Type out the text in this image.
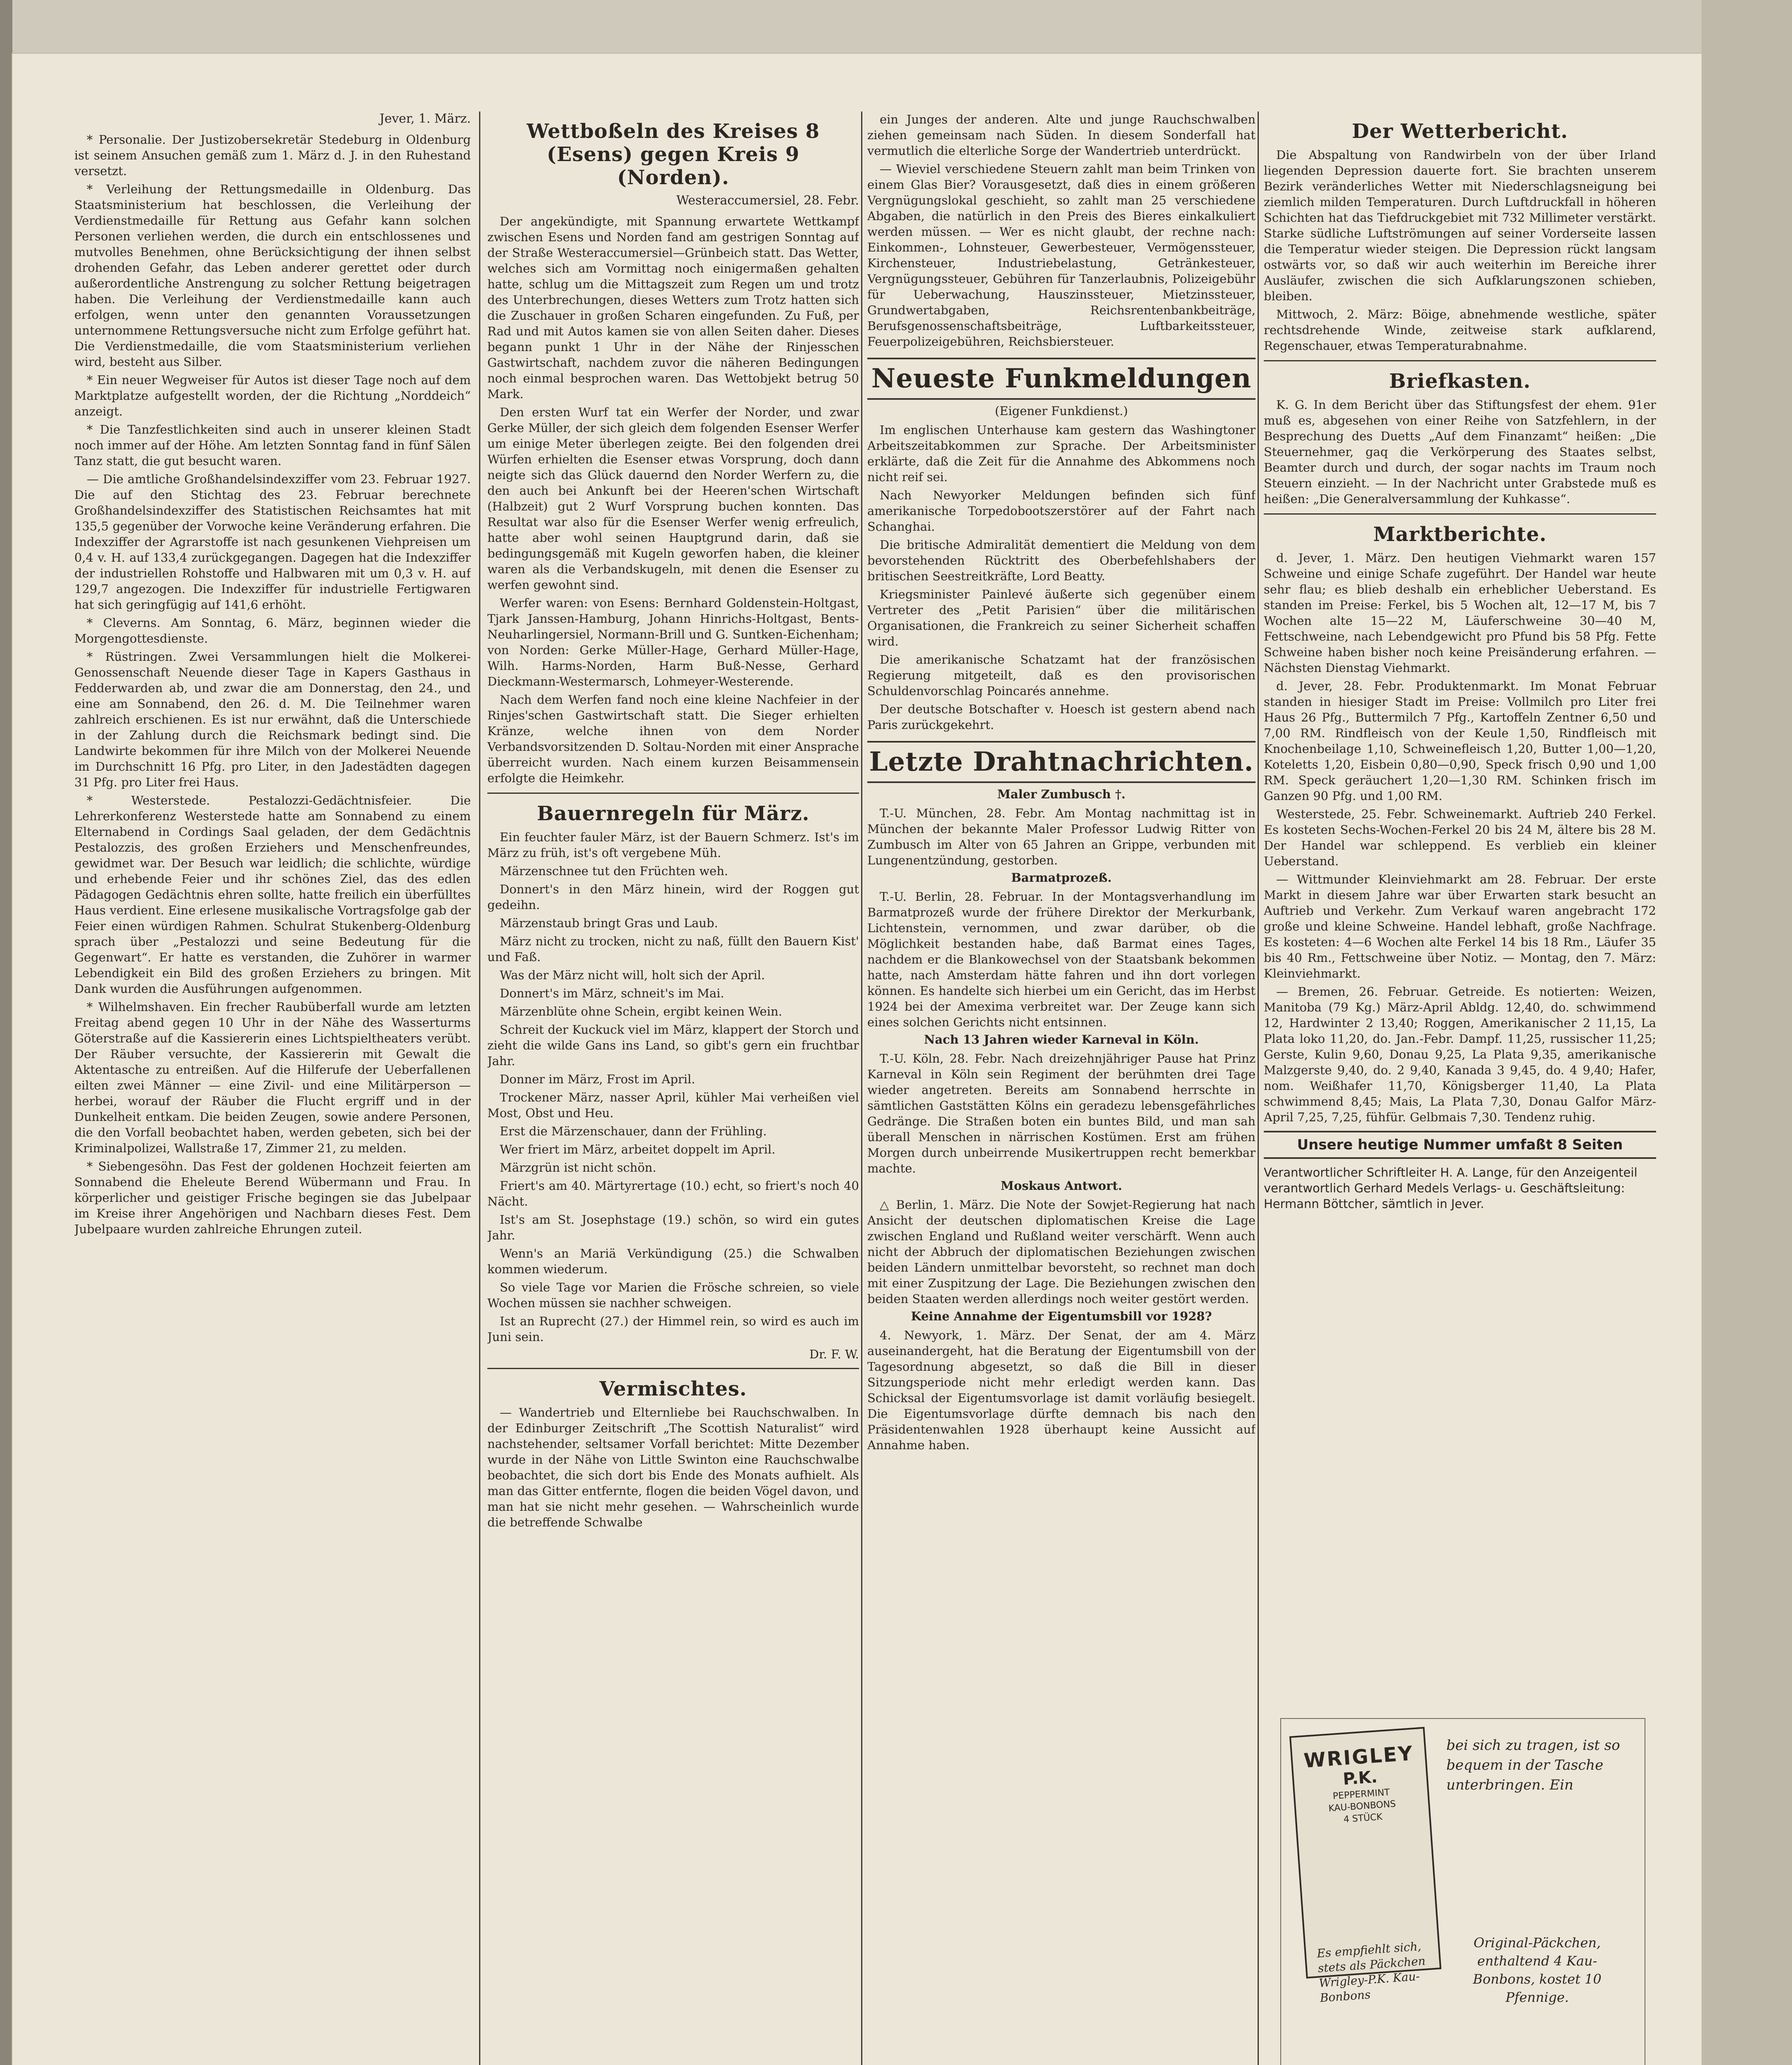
Jever, 1. März.

* Personalie. Der Justizobersekretär Stedeburg in Oldenburg ist seinem Ansuchen gemäß zum 1. März d. J. in den Ruhestand versetzt.

* Verleihung der Rettungsmedaille in Oldenburg. Das Staatsministerium hat beschlossen, die Verleihung der Verdienstmedaille für Rettung aus Gefahr kann solchen Personen verliehen werden, die durch ein entschlossenes und mutvolles Benehmen, ohne Berücksichtigung der ihnen selbst drohenden Gefahr, das Leben anderer gerettet oder durch außerordentliche Anstrengung zu solcher Rettung beigetragen haben. Die Verleihung der Verdienstmedaille kann auch erfolgen, wenn unter den genannten Voraussetzungen unternommene Rettungsversuche nicht zum Erfolge geführt hat. Die Verdienstmedaille, die vom Staatsministerium verliehen wird, besteht aus Silber.

* Ein neuer Wegweiser für Autos ist dieser Tage noch auf dem Marktplatze aufgestellt worden, der die Richtung „Norddeich“ anzeigt.

* Die Tanzfestlichkeiten sind auch in unserer kleinen Stadt noch immer auf der Höhe. Am letzten Sonntag fand in fünf Sälen Tanz statt, die gut besucht waren.

— Die amtliche Großhandelsindexziffer vom 23. Februar 1927. Die auf den Stichtag des 23. Februar berechnete Großhandelsindexziffer des Statistischen Reichsamtes hat mit 135,5 gegenüber der Vorwoche keine Veränderung erfahren. Die Indexziffer der Agrarstoffe ist nach gesunkenen Viehpreisen um 0,4 v. H. auf 133,4 zurückgegangen. Dagegen hat die Indexziffer der industriellen Rohstoffe und Halbwaren mit um 0,3 v. H. auf 129,7 angezogen. Die Indexziffer für industrielle Fertigwaren hat sich geringfügig auf 141,6 erhöht.

* Cleverns. Am Sonntag, 6. März, beginnen wieder die Morgengottesdienste.

* Rüstringen. Zwei Versammlungen hielt die Molkerei-Genossenschaft Neuende dieser Tage in Kapers Gasthaus in Fedderwarden ab, und zwar die am Donnerstag, den 24., und eine am Sonnabend, den 26. d. M. Die Teilnehmer waren zahlreich erschienen. Es ist nur erwähnt, daß die Unterschiede in der Zahlung durch die Reichsmark bedingt sind. Die Landwirte bekommen für ihre Milch von der Molkerei Neuende im Durchschnitt 16 Pfg. pro Liter, in den Jadestädten dagegen 31 Pfg. pro Liter frei Haus.

* Westerstede. Pestalozzi-Gedächtnisfeier. Die Lehrerkonferenz Westerstede hatte am Sonnabend zu einem Elternabend in Cordings Saal geladen, der dem Gedächtnis Pestalozzis, des großen Erziehers und Menschenfreundes, gewidmet war. Der Besuch war leidlich; die schlichte, würdige und erhebende Feier und ihr schönes Ziel, das des edlen Pädagogen Gedächtnis ehren sollte, hatte freilich ein überfülltes Haus verdient. Eine erlesene musikalische Vortragsfolge gab der Feier einen würdigen Rahmen. Schulrat Stukenberg-Oldenburg sprach über „Pestalozzi und seine Bedeutung für die Gegenwart“. Er hatte es verstanden, die Zuhörer in warmer Lebendigkeit ein Bild des großen Erziehers zu bringen. Mit Dank wurden die Ausführungen aufgenommen.

* Wilhelmshaven. Ein frecher Raubüberfall wurde am letzten Freitag abend gegen 10 Uhr in der Nähe des Wasserturms Göterstraße auf die Kassiererin eines Lichtspieltheaters verübt. Der Räuber versuchte, der Kassiererin mit Gewalt die Aktentasche zu entreißen. Auf die Hilferufe der Ueberfallenen eilten zwei Männer — eine Zivil- und eine Militärperson — herbei, worauf der Räuber die Flucht ergriff und in der Dunkelheit entkam. Die beiden Zeugen, sowie andere Personen, die den Vorfall beobachtet haben, werden gebeten, sich bei der Kriminalpolizei, Wallstraße 17, Zimmer 21, zu melden.

* Siebengesöhn. Das Fest der goldenen Hochzeit feierten am Sonnabend die Eheleute Berend Wübermann und Frau. In körperlicher und geistiger Frische begingen sie das Jubelpaar im Kreise ihrer Angehörigen und Nachbarn dieses Fest. Dem Jubelpaare wurden zahlreiche Ehrungen zuteil.

Wettboßeln des Kreises 8 (Esens) gegen Kreis 9 (Norden).
Westeraccumersiel, 28. Febr.

Der angekündigte, mit Spannung erwartete Wettkampf zwischen Esens und Norden fand am gestrigen Sonntag auf der Straße Westeraccumersiel—Grünbeich statt. Das Wetter, welches sich am Vormittag noch einigermaßen gehalten hatte, schlug um die Mittagszeit zum Regen um und trotz des Unterbrechungen, dieses Wetters zum Trotz hatten sich die Zuschauer in großen Scharen eingefunden. Zu Fuß, per Rad und mit Autos kamen sie von allen Seiten daher. Dieses begann punkt 1 Uhr in der Nähe der Rinjesschen Gastwirtschaft, nachdem zuvor die näheren Bedingungen noch einmal besprochen waren. Das Wettobjekt betrug 50 Mark.

Den ersten Wurf tat ein Werfer der Norder, und zwar Gerke Müller, der sich gleich dem folgenden Esenser Werfer um einige Meter überlegen zeigte. Bei den folgenden drei Würfen erhielten die Esenser etwas Vorsprung, doch dann neigte sich das Glück dauernd den Norder Werfern zu, die den auch bei Ankunft bei der Heeren'schen Wirtschaft (Halbzeit) gut 2 Wurf Vorsprung buchen konnten. Das Resultat war also für die Esenser Werfer wenig erfreulich, hatte aber wohl seinen Hauptgrund darin, daß sie bedingungsgemäß mit Kugeln geworfen haben, die kleiner waren als die Verbandskugeln, mit denen die Esenser zu werfen gewohnt sind.

Werfer waren: von Esens: Bernhard Goldenstein-Holtgast, Tjark Janssen-Hamburg, Johann Hinrichs-Holtgast, Bents-Neuharlingersiel, Normann-Brill und G. Suntken-Eichenham; von Norden: Gerke Müller-Hage, Gerhard Müller-Hage, Wilh. Harms-Norden, Harm Buß-Nesse, Gerhard Dieckmann-Westermarsch, Lohmeyer-Westerende.

Nach dem Werfen fand noch eine kleine Nachfeier in der Rinjes'schen Gastwirtschaft statt. Die Sieger erhielten Kränze, welche ihnen von dem Norder Verbandsvorsitzenden D. Soltau-Norden mit einer Ansprache überreicht wurden. Nach einem kurzen Beisammensein erfolgte die Heimkehr.

Bauernregeln für März.

Ein feuchter fauler März, ist der Bauern Schmerz. Ist's im März zu früh, ist's oft vergebene Müh.

Märzenschnee tut den Früchten weh.

Donnert's in den März hinein, wird der Roggen gut gedeihn.

Märzenstaub bringt Gras und Laub.

März nicht zu trocken, nicht zu naß, füllt den Bauern Kist' und Faß.

Was der März nicht will, holt sich der April.

Donnert's im März, schneit's im Mai.

Märzenblüte ohne Schein, ergibt keinen Wein.

Schreit der Kuckuck viel im März, klappert der Storch und zieht die wilde Gans ins Land, so gibt's gern ein fruchtbar Jahr.

Donner im März, Frost im April.

Trockener März, nasser April, kühler Mai verheißen viel Most, Obst und Heu.

Erst die Märzenschauer, dann der Frühling.

Wer friert im März, arbeitet doppelt im April.

Märzgrün ist nicht schön.

Friert's am 40. Märtyrertage (10.) echt, so friert's noch 40 Nächt.

Ist's am St. Josephstage (19.) schön, so wird ein gutes Jahr.

Wenn's an Mariä Verkündigung (25.) die Schwalben kommen wiederum.

So viele Tage vor Marien die Frösche schreien, so viele Wochen müssen sie nachher schweigen.

Ist an Ruprecht (27.) der Himmel rein, so wird es auch im Juni sein.

Dr. F. W.
Vermischtes.

— Wandertrieb und Elternliebe bei Rauchschwalben. In der Edinburger Zeitschrift „The Scottish Naturalist“ wird nachstehender, seltsamer Vorfall berichtet: Mitte Dezember wurde in der Nähe von Little Swinton eine Rauchschwalbe beobachtet, die sich dort bis Ende des Monats aufhielt. Als man das Gitter entfernte, flogen die beiden Vögel davon, und man hat sie nicht mehr gesehen. — Wahrscheinlich wurde die betreffende Schwalbe

ein Junges der anderen. Alte und junge Rauchschwalben ziehen gemeinsam nach Süden. In diesem Sonderfall hat vermutlich die elterliche Sorge der Wandertrieb unterdrückt.

— Wieviel verschiedene Steuern zahlt man beim Trinken von einem Glas Bier? Vorausgesetzt, daß dies in einem größeren Vergnügungslokal geschieht, so zahlt man 25 verschiedene Abgaben, die natürlich in den Preis des Bieres einkalkuliert werden müssen. — Wer es nicht glaubt, der rechne nach: Einkommen-, Lohnsteuer, Gewerbesteuer, Vermögenssteuer, Kirchensteuer, Industriebelastung, Getränkesteuer, Vergnügungssteuer, Gebühren für Tanzerlaubnis, Polizeigebühr für Ueberwachung, Hauszinssteuer, Mietzinssteuer, Grundwertabgaben, Reichsrentenbankbeiträge, Berufsgenossenschaftsbeiträge, Luftbarkeitssteuer, Feuerpolizeigebühren, Reichsbiersteuer.

Neueste Funkmeldungen
(Eigener Funkdienst.)

Im englischen Unterhause kam gestern das Washingtoner Arbeitszeitabkommen zur Sprache. Der Arbeitsminister erklärte, daß die Zeit für die Annahme des Abkommens noch nicht reif sei.

Nach Newyorker Meldungen befinden sich fünf amerikanische Torpedobootszerstörer auf der Fahrt nach Schanghai.

Die britische Admiralität dementiert die Meldung von dem bevorstehenden Rücktritt des Oberbefehlshabers der britischen Seestreitkräfte, Lord Beatty.

Kriegsminister Painlevé äußerte sich gegenüber einem Vertreter des „Petit Parisien“ über die militärischen Organisationen, die Frankreich zu seiner Sicherheit schaffen wird.

Die amerikanische Schatzamt hat der französischen Regierung mitgeteilt, daß es den provisorischen Schuldenvorschlag Poincarés annehme.

Der deutsche Botschafter v. Hoesch ist gestern abend nach Paris zurückgekehrt.

Letzte Drahtnachrichten.
Maler Zumbusch †.

T.-U. München, 28. Febr. Am Montag nachmittag ist in München der bekannte Maler Professor Ludwig Ritter von Zumbusch im Alter von 65 Jahren an Grippe, verbunden mit Lungenentzündung, gestorben.

Barmatprozeß.

T.-U. Berlin, 28. Februar. In der Montagsverhandlung im Barmatprozeß wurde der frühere Direktor der Merkurbank, Lichtenstein, vernommen, und zwar darüber, ob die Möglichkeit bestanden habe, daß Barmat eines Tages, nachdem er die Blankowechsel von der Staatsbank bekommen hatte, nach Amsterdam hätte fahren und ihn dort vorlegen können. Es handelte sich hierbei um ein Gericht, das im Herbst 1924 bei der Amexima verbreitet war. Der Zeuge kann sich eines solchen Gerichts nicht entsinnen.

Nach 13 Jahren wieder Karneval in Köln.

T.-U. Köln, 28. Febr. Nach dreizehnjähriger Pause hat Prinz Karneval in Köln sein Regiment der berühmten drei Tage wieder angetreten. Bereits am Sonnabend herrschte in sämtlichen Gaststätten Kölns ein geradezu lebensgefährliches Gedränge. Die Straßen boten ein buntes Bild, und man sah überall Menschen in närrischen Kostümen. Erst am frühen Morgen durch unbeirrende Musikertruppen recht bemerkbar machte.

Moskaus Antwort.

△ Berlin, 1. März. Die Note der Sowjet-Regierung hat nach Ansicht der deutschen diplomatischen Kreise die Lage zwischen England und Rußland weiter verschärft. Wenn auch nicht der Abbruch der diplomatischen Beziehungen zwischen beiden Ländern unmittelbar bevorsteht, so rechnet man doch mit einer Zuspitzung der Lage. Die Beziehungen zwischen den beiden Staaten werden allerdings noch weiter gestört werden.

Keine Annahme der Eigentumsbill vor 1928?

4. Newyork, 1. März. Der Senat, der am 4. März auseinandergeht, hat die Beratung der Eigentumsbill von der Tagesordnung abgesetzt, so daß die Bill in dieser Sitzungsperiode nicht mehr erledigt werden kann. Das Schicksal der Eigentumsvorlage ist damit vorläufig besiegelt. Die Eigentumsvorlage dürfte demnach bis nach den Präsidentenwahlen 1928 überhaupt keine Aussicht auf Annahme haben.

Der Wetterbericht.

Die Abspaltung von Randwirbeln von der über Irland liegenden Depression dauerte fort. Sie brachten unserem Bezirk veränderliches Wetter mit Niederschlagsneigung bei ziemlich milden Temperaturen. Durch Luftdruckfall in höheren Schichten hat das Tiefdruckgebiet mit 732 Millimeter verstärkt. Starke südliche Luftströmungen auf seiner Vorderseite lassen die Temperatur wieder steigen. Die Depression rückt langsam ostwärts vor, so daß wir auch weiterhin im Bereiche ihrer Ausläufer, zwischen die sich Aufklarungszonen schieben, bleiben.

Mittwoch, 2. März: Böige, abnehmende westliche, später rechtsdrehende Winde, zeitweise stark aufklarend, Regenschauer, etwas Temperaturabnahme.

Briefkasten.

K. G. In dem Bericht über das Stiftungsfest der ehem. 91er muß es, abgesehen von einer Reihe von Satzfehlern, in der Besprechung des Duetts „Auf dem Finanzamt“ heißen: „Die Steuernehmer, gaq die Verkörperung des Staates selbst, Beamter durch und durch, der sogar nachts im Traum noch Steuern einzieht. — In der Nachricht unter Grabstede muß es heißen: „Die Generalversammlung der Kuhkasse“.

Marktberichte.

d. Jever, 1. März. Den heutigen Viehmarkt waren 157 Schweine und einige Schafe zugeführt. Der Handel war heute sehr flau; es blieb deshalb ein erheblicher Ueberstand. Es standen im Preise: Ferkel, bis 5 Wochen alt, 12—17 M, bis 7 Wochen alte 15—22 M, Läuferschweine 30—40 M, Fettschweine, nach Lebendgewicht pro Pfund bis 58 Pfg. Fette Schweine haben bisher noch keine Preisänderung erfahren. — Nächsten Dienstag Viehmarkt.

d. Jever, 28. Febr. Produktenmarkt. Im Monat Februar standen in hiesiger Stadt im Preise: Vollmilch pro Liter frei Haus 26 Pfg., Buttermilch 7 Pfg., Kartoffeln Zentner 6,50 und 7,00 RM. Rindfleisch von der Keule 1,50, Rindfleisch mit Knochenbeilage 1,10, Schweinefleisch 1,20, Butter 1,00—1,20, Koteletts 1,20, Eisbein 0,80—0,90, Speck frisch 0,90 und 1,00 RM. Speck geräuchert 1,20—1,30 RM. Schinken frisch im Ganzen 90 Pfg. und 1,00 RM.

Westerstede, 25. Febr. Schweinemarkt. Auftrieb 240 Ferkel. Es kosteten Sechs-Wochen-Ferkel 20 bis 24 M, ältere bis 28 M. Der Handel war schleppend. Es verblieb ein kleiner Ueberstand.

— Wittmunder Kleinviehmarkt am 28. Februar. Der erste Markt in diesem Jahre war über Erwarten stark besucht an Auftrieb und Verkehr. Zum Verkauf waren angebracht 172 große und kleine Schweine. Handel lebhaft, große Nachfrage. Es kosteten: 4—6 Wochen alte Ferkel 14 bis 18 Rm., Läufer 35 bis 40 Rm., Fettschweine über Notiz. — Montag, den 7. März: Kleinviehmarkt.

— Bremen, 26. Februar. Getreide. Es notierten: Weizen, Manitoba (79 Kg.) März-April Abldg. 12,40, do. schwimmend 12, Hardwinter 2 13,40; Roggen, Amerikanischer 2 11,15, La Plata loko 11,20, do. Jan.-Febr. Dampf. 11,25, russischer 11,25; Gerste, Kulin 9,60, Donau 9,25, La Plata 9,35, amerikanische Malzgerste 9,40, do. 2 9,40, Kanada 3 9,45, do. 4 9,40; Hafer, nom. Weißhafer 11,70, Königsberger 11,40, La Plata schwimmend 8,45; Mais, La Plata 7,30, Donau Galfor März-April 7,25, 7,25, fühfür. Gelbmais 7,30. Tendenz ruhig.

Unsere heutige Nummer umfaßt 8 Seiten
Verantwortlicher Schriftleiter H. A. Lange, für den Anzeigenteil verantwortlich Gerhard Medels Verlags- u. Geschäftsleitung: Hermann Böttcher, sämtlich in Jever.
WRIGLEY
P.K.
PEPPERMINT
KAU-BONBONS
4 STÜCK
bei sich zu tragen, ist so bequem in der Tasche unterbringen. Ein
Es empfiehlt sich, stets als Päckchen Wrigley-P.K. Kau-Bonbons
Original-Päckchen, enthaltend 4 Kau-Bonbons, kostet 10 Pfennige.
